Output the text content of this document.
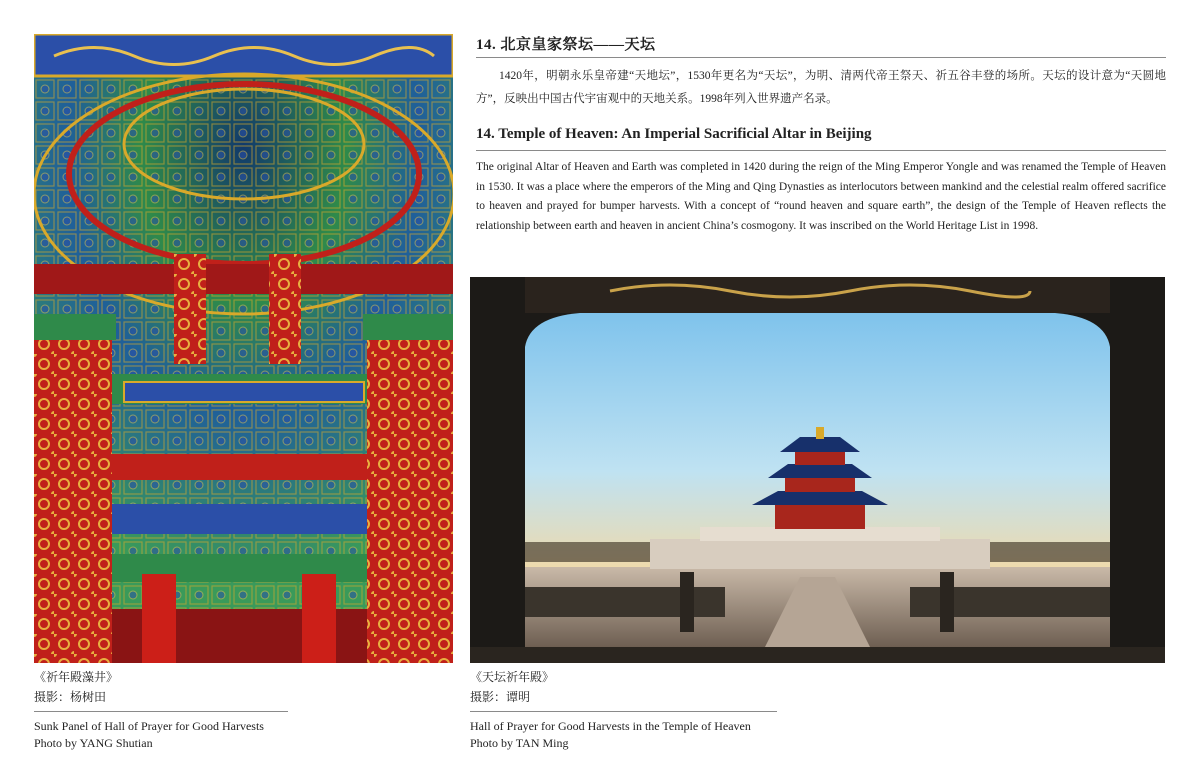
14. 北京皇家祭坛——天坛
1420年，明朝永乐皇帝建“天地坛”，1530年更名为“天坛”，为明、清两代帝王祭天、祈五谷丰登的场所。天坛的设计意为“天圆地方”，反映出中国古代宇宙观中的天地关系。1998年列入世界遗产名录。
14. Temple of Heaven: An Imperial Sacrificial Altar in Beijing
The original Altar of Heaven and Earth was completed in 1420 during the reign of the Ming Emperor Yongle and was renamed the Temple of Heaven in 1530. It was a place where the emperors of the Ming and Qing Dynasties as interlocutors between mankind and the celestial realm offered sacrifice to heaven and prayed for bumper harvests. With a concept of “round heaven and square earth”, the design of the Temple of Heaven reflects the relationship between earth and heaven in ancient China’s cosmogony. It was inscribed on the World Heritage List in 1998.
《祈年殿藻井》
摄影：杨树田
Sunk Panel of Hall of Prayer for Good Harvests
Photo by YANG Shutian
《天坛祈年殿》
摄影：谭明
Hall of Prayer for Good Harvests in the Temple of Heaven
Photo by TAN Ming
